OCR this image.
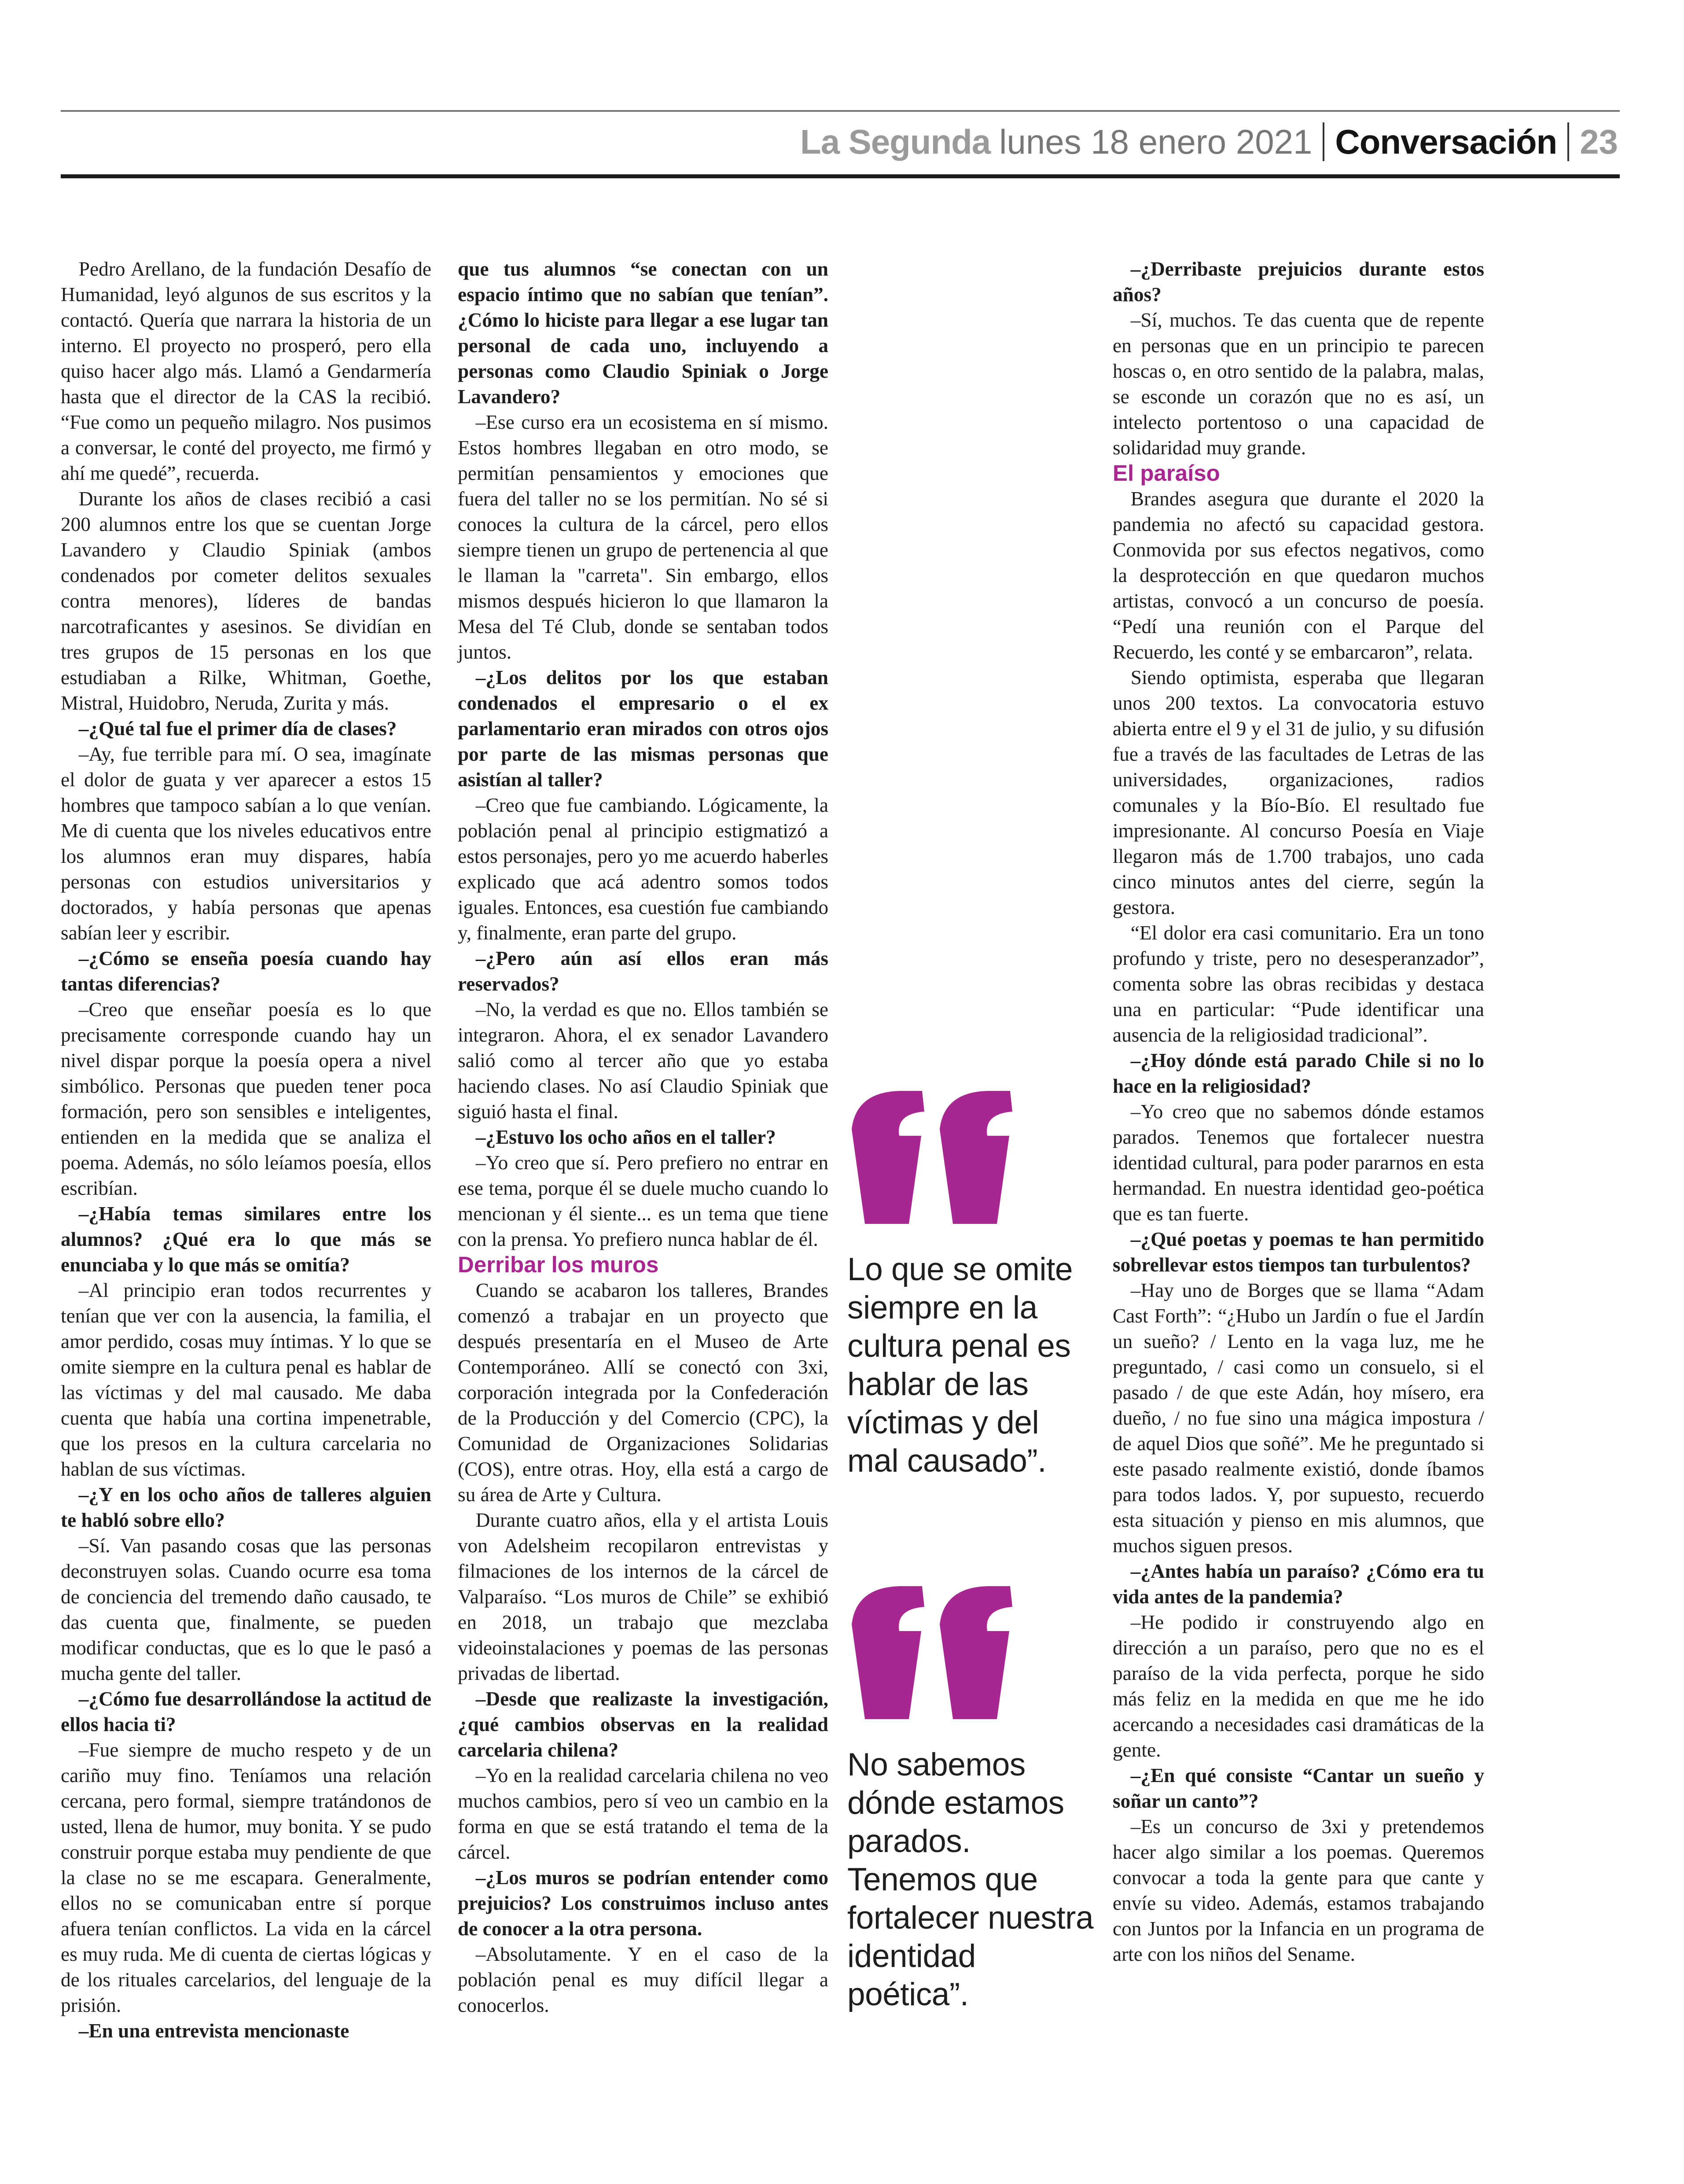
La Segunda lunes 18 enero 2021 Conversación 23

Pedro Arellano, de la fundación Desafío de Humanidad, leyó algunos de sus escritos y la contactó. Quería que narrara la historia de un interno. El proyecto no prosperó, pero ella quiso hacer algo más. Llamó a Gendarmería hasta que el director de la CAS la recibió. “Fue como un pequeño milagro. Nos pusimos a conversar, le conté del proyecto, me firmó y ahí me quedé”, recuerda.

Durante los años de clases recibió a casi 200 alumnos entre los que se cuentan Jorge Lavandero y Claudio Spiniak (ambos condenados por cometer delitos sexuales contra menores), líderes de bandas narcotraficantes y asesinos. Se dividían en tres grupos de 15 personas en los que estudiaban a Rilke, Whitman, Goethe, Mistral, Huidobro, Neruda, Zurita y más.

–¿Qué tal fue el primer día de clases?

–Ay, fue terrible para mí. O sea, imagínate el dolor de guata y ver aparecer a estos 15 hombres que tampoco sabían a lo que venían. Me di cuenta que los niveles educativos entre los alumnos eran muy dispares, había personas con estudios universitarios y doctorados, y había personas que apenas sabían leer y escribir.

–¿Cómo se enseña poesía cuando hay tantas diferencias?

–Creo que enseñar poesía es lo que precisamente corresponde cuando hay un nivel dispar porque la poesía opera a nivel simbólico. Personas que pueden tener poca formación, pero son sensibles e inteligentes, entienden en la medida que se analiza el poema. Además, no sólo leíamos poesía, ellos escribían.

–¿Había temas similares entre los alumnos? ¿Qué era lo que más se enunciaba y lo que más se omitía?

–Al principio eran todos recurrentes y tenían que ver con la ausencia, la familia, el amor perdido, cosas muy íntimas. Y lo que se omite siempre en la cultura penal es hablar de las víctimas y del mal causado. Me daba cuenta que había una cortina impenetrable, que los presos en la cultura carcelaria no hablan de sus víctimas.

–¿Y en los ocho años de talleres alguien te habló sobre ello?

–Sí. Van pasando cosas que las personas deconstruyen solas. Cuando ocurre esa toma de conciencia del tremendo daño causado, te das cuenta que, finalmente, se pueden modificar conductas, que es lo que le pasó a mucha gente del taller.

–¿Cómo fue desarrollándose la actitud de ellos hacia ti?

–Fue siempre de mucho respeto y de un cariño muy fino. Teníamos una relación cercana, pero formal, siempre tratándonos de usted, llena de humor, muy bonita. Y se pudo construir porque estaba muy pendiente de que la clase no se me escapara. Generalmente, ellos no se comunicaban entre sí porque afuera tenían conflictos. La vida en la cárcel es muy ruda. Me di cuenta de ciertas lógicas y de los rituales carcelarios, del lenguaje de la prisión.

–En una entrevista mencionaste

que tus alumnos “se conectan con un espacio íntimo que no sabían que tenían”. ¿Cómo lo hiciste para llegar a ese lugar tan personal de cada uno, incluyendo a personas como Claudio Spiniak o Jorge Lavandero?

–Ese curso era un ecosistema en sí mismo. Estos hombres llegaban en otro modo, se permitían pensamientos y emociones que fuera del taller no se los permitían. No sé si conoces la cultura de la cárcel, pero ellos siempre tienen un grupo de pertenencia al que le llaman la "carreta". Sin embargo, ellos mismos después hicieron lo que llamaron la Mesa del Té Club, donde se sentaban todos juntos.

–¿Los delitos por los que estaban condenados el empresario o el ex parlamentario eran mirados con otros ojos por parte de las mismas personas que asistían al taller?

–Creo que fue cambiando. Lógicamente, la población penal al principio estigmatizó a estos personajes, pero yo me acuerdo haberles explicado que acá adentro somos todos iguales. Entonces, esa cuestión fue cambiando y, finalmente, eran parte del grupo.

–¿Pero aún así ellos eran más reservados?

–No, la verdad es que no. Ellos también se integraron. Ahora, el ex senador Lavandero salió como al tercer año que yo estaba haciendo clases. No así Claudio Spiniak que siguió hasta el final.

–¿Estuvo los ocho años en el taller?

–Yo creo que sí. Pero prefiero no entrar en ese tema, porque él se duele mucho cuando lo mencionan y él siente... es un tema que tiene con la prensa. Yo prefiero nunca hablar de él.

Derribar los muros

Cuando se acabaron los talleres, Brandes comenzó a trabajar en un proyecto que después presentaría en el Museo de Arte Contemporáneo. Allí se conectó con 3xi, corporación integrada por la Confederación de la Producción y del Comercio (CPC), la Comunidad de Organizaciones Solidarias (COS), entre otras. Hoy, ella está a cargo de su área de Arte y Cultura.

Durante cuatro años, ella y el artista Louis von Adelsheim recopilaron entrevistas y filmaciones de los internos de la cárcel de Valparaíso. “Los muros de Chile” se exhibió en 2018, un trabajo que mezclaba videoinstalaciones y poemas de las personas privadas de libertad.

–Desde que realizaste la investigación, ¿qué cambios observas en la realidad carcelaria chilena?

–Yo en la realidad carcelaria chilena no veo muchos cambios, pero sí veo un cambio en la forma en que se está tratando el tema de la cárcel.

–¿Los muros se podrían entender como prejuicios? Los construimos incluso antes de conocer a la otra persona.

–Absolutamente. Y en el caso de la población penal es muy difícil llegar a conocerlos.

–¿Derribaste prejuicios durante estos años?

–Sí, muchos. Te das cuenta que de repente en personas que en un principio te parecen hoscas o, en otro sentido de la palabra, malas, se esconde un corazón que no es así, un intelecto portentoso o una capacidad de solidaridad muy grande.

El paraíso

Brandes asegura que durante el 2020 la pandemia no afectó su capacidad gestora. Conmovida por sus efectos negativos, como la desprotección en que quedaron muchos artistas, convocó a un concurso de poesía. “Pedí una reunión con el Parque del Recuerdo, les conté y se embarcaron”, relata.

Siendo optimista, esperaba que llegaran unos 200 textos. La convocatoria estuvo abierta entre el 9 y el 31 de julio, y su difusión fue a través de las facultades de Letras de las universidades, organizaciones, radios comunales y la Bío-Bío. El resultado fue impresionante. Al concurso Poesía en Viaje llegaron más de 1.700 trabajos, uno cada cinco minutos antes del cierre, según la gestora.

“El dolor era casi comunitario. Era un tono profundo y triste, pero no desesperanzador”, comenta sobre las obras recibidas y destaca una en particular: “Pude identificar una ausencia de la religiosidad tradicional”.

–¿Hoy dónde está parado Chile si no lo hace en la religiosidad?

–Yo creo que no sabemos dónde estamos parados. Tenemos que fortalecer nuestra identidad cultural, para poder pararnos en esta hermandad. En nuestra identidad geo-poética que es tan fuerte.

–¿Qué poetas y poemas te han permitido sobrellevar estos tiempos tan turbulentos?

–Hay uno de Borges que se llama “Adam Cast Forth”: “¿Hubo un Jardín o fue el Jardín un sueño? / Lento en la vaga luz, me he preguntado, / casi como un consuelo, si el pasado / de que este Adán, hoy mísero, era dueño, / no fue sino una mágica impostura / de aquel Dios que soñé”. Me he preguntado si este pasado realmente existió, donde íbamos para todos lados. Y, por supuesto, recuerdo esta situación y pienso en mis alumnos, que muchos siguen presos.

–¿Antes había un paraíso? ¿Cómo era tu vida antes de la pandemia?

–He podido ir construyendo algo en dirección a un paraíso, pero que no es el paraíso de la vida perfecta, porque he sido más feliz en la medida en que me he ido acercando a necesidades casi dramáticas de la gente.

–¿En qué consiste “Cantar un sueño y soñar un canto”?

–Es un concurso de 3xi y pretendemos hacer algo similar a los poemas. Queremos convocar a toda la gente para que cante y envíe su video. Además, estamos trabajando con Juntos por la Infancia en un programa de arte con los niños del Sename.

Lo que se omite siempre en la cultura penal es hablar de las víctimas y del mal causado”.
No sabemos dónde estamos parados. Tenemos que fortalecer nuestra identidad poética”.
